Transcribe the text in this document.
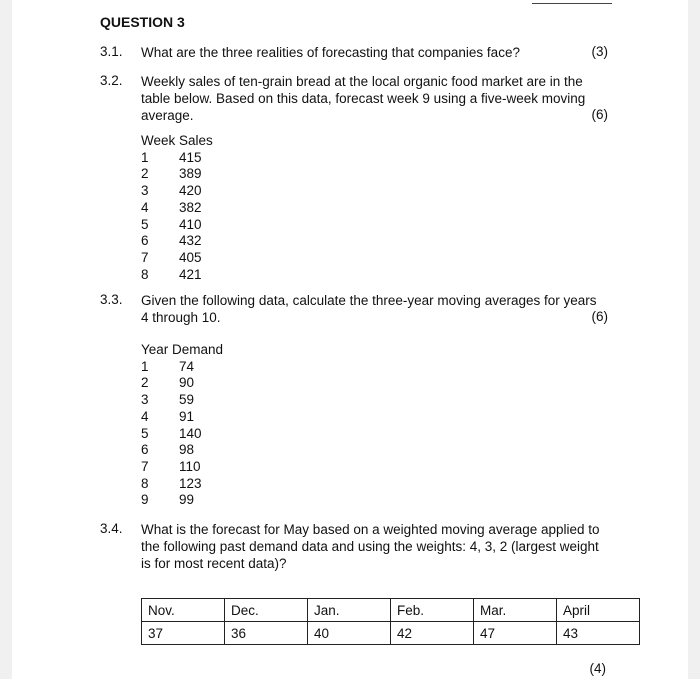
QUESTION 3
3.1. What are the three realities of forecasting that companies face?	(3)
3.2. Weekly sales of ten-grain bread at the local organic food market are in the table below. Based on this data, forecast week 9 using a five-week moving average.	(6)
Week Sales	
1	415
2	389
3	420
4	382
5	410
6	432
7	405
8	421
3.3. Given the following data, calculate the three-year moving averages for years 4 through 10.	(6)
Year Demand	
1	74
2	90
3	59
4	91
5	140
6	98
7	110
8	123
9	99
3.4. What is the forecast for May based on a weighted moving average applied to the following past demand data and using the weights: 4, 3, 2 (largest weight is for most recent data)?
Nov.	Dec.	Jan.	Feb.	Mar.	April
37	36	40	42	47	43
(4)
